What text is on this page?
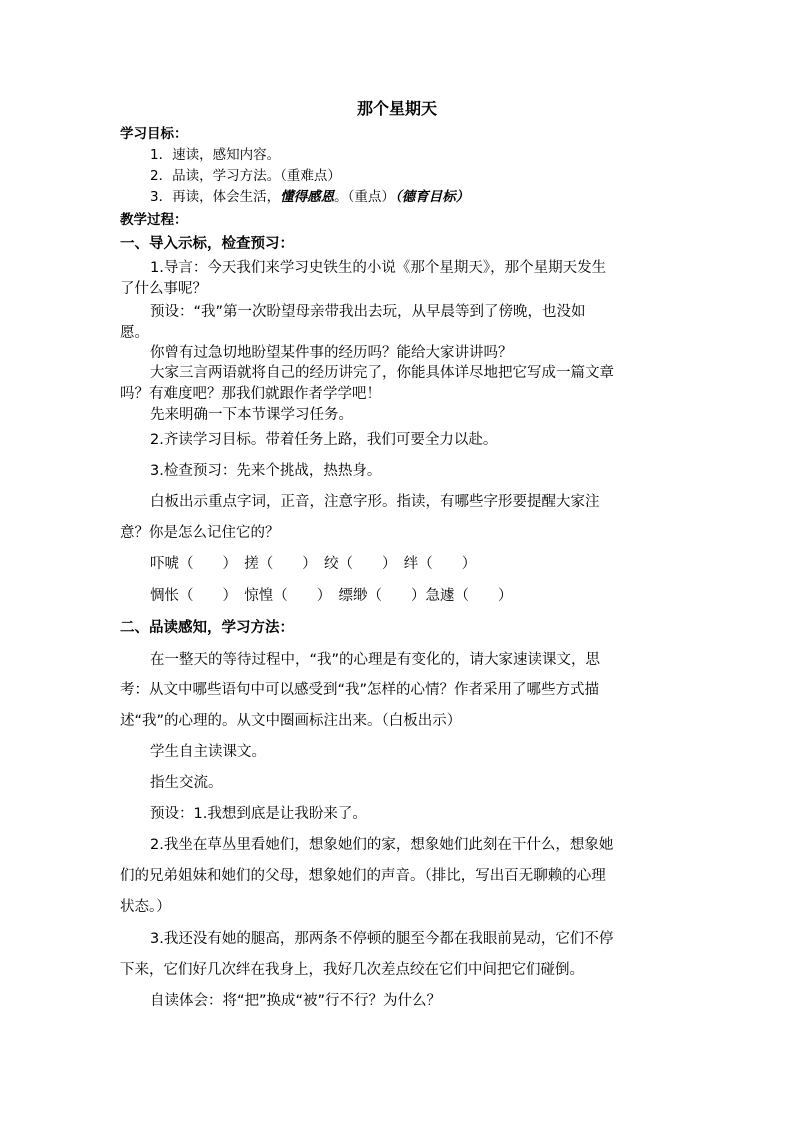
那个星期天
学习目标：
1．速读，感知内容。
2．品读，学习方法。（重难点）
3．再读，体会生活，懂得感恩。（重点）（德育目标）
教学过程：
一、导入示标，检查预习：
1.导言：今天我们来学习史铁生的小说《那个星期天》，那个星期天发生
了什么事呢？
预设：“我”第一次盼望母亲带我出去玩，从早晨等到了傍晚，也没如
愿。
你曾有过急切地盼望某件事的经历吗？能给大家讲讲吗？
大家三言两语就将自己的经历讲完了，你能具体详尽地把它写成一篇文章
吗？有难度吧？那我们就跟作者学学吧！
先来明确一下本节课学习任务。
2.齐读学习目标。带着任务上路，我们可要全力以赴。
3.检查预习：先来个挑战，热热身。
白板出示重点字词，正音，注意字形。指读，有哪些字形要提醒大家注
意？你是怎么记住它的？
吓唬（　　）　搓（　　）　绞（　　）　绊（　　）
惆怅（　　）　惊惶（　　）　缥缈（　　）急遽（　　）
二、品读感知，学习方法：
在一整天的等待过程中，“我”的心理是有变化的，请大家速读课文，思
考：从文中哪些语句中可以感受到“我”怎样的心情？作者采用了哪些方式描
述“我”的心理的。从文中圈画标注出来。（白板出示）
学生自主读课文。
指生交流。
预设：1.我想到底是让我盼来了。
2.我坐在草丛里看她们，想象她们的家，想象她们此刻在干什么，想象她
们的兄弟姐妹和她们的父母，想象她们的声音。（排比，写出百无聊赖的心理
状态。）
3.我还没有她的腿高，那两条不停顿的腿至今都在我眼前晃动，它们不停
下来，它们好几次绊在我身上，我好几次差点绞在它们中间把它们碰倒。
自读体会：将“把”换成“被”行不行？为什么？
